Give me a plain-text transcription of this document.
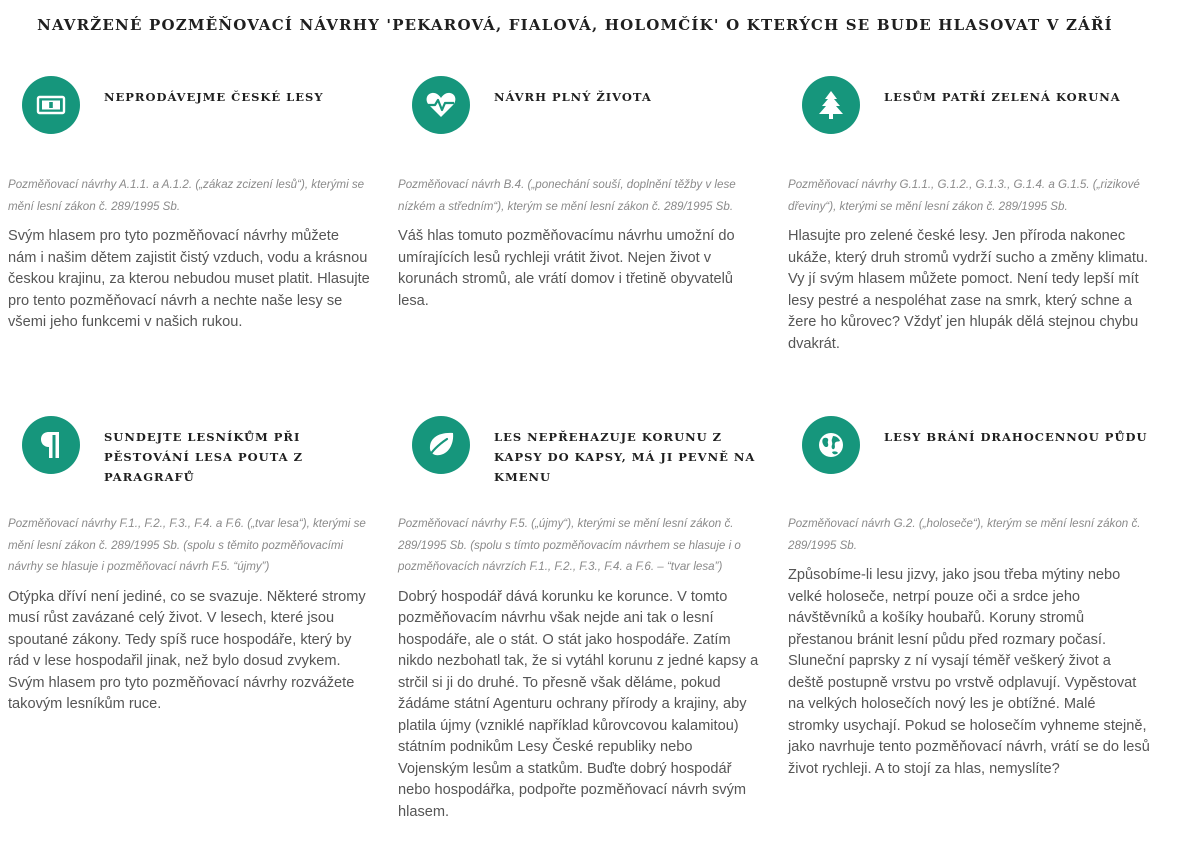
NAVRŽENÉ POZMĚŇOVACÍ NÁVRHY 'PEKAROVÁ, FIALOVÁ, HOLOMČÍK' O KTERÝCH SE BUDE HLASOVAT V ZÁŘÍ
NEPRODÁVEJME ČESKÉ LESY

Pozměňovací návrhy A.1.1. a A.1.2. („zákaz zcizení lesů“), kterými se mění lesní zákon č. 289/1995 Sb.

Svým hlasem pro tyto pozměňovací návrhy můžete nám i našim dětem zajistit čistý vzduch, vodu a krásnou českou krajinu, za kterou nebudou muset platit. Hlasujte pro tento pozměňovací návrh a nechte naše lesy se všemi jeho funkcemi v našich rukou.

NÁVRH PLNÝ ŽIVOTA

Pozměňovací návrh B.4. („ponechání souší, doplnění těžby v lese nízkém a středním“), kterým se mění lesní zákon č. 289/1995 Sb.

Váš hlas tomuto pozměňovacímu návrhu umožní do umírajících lesů rychleji vrátit život. Nejen život v korunách stromů, ale vrátí domov i třetině obyvatelů lesa.

LESŮM PATŘÍ ZELENÁ KORUNA

Pozměňovací návrhy G.1.1., G.1.2., G.1.3., G.1.4. a G.1.5. („rizikové dřeviny“), kterými se mění lesní zákon č. 289/1995 Sb.

Hlasujte pro zelené české lesy. Jen příroda nakonec ukáže, který druh stromů vydrží sucho a změny klimatu. Vy jí svým hlasem můžete pomoct. Není tedy lepší mít lesy pestré a nespoléhat zase na smrk, který schne a žere ho kůrovec? Vždyť jen hlupák dělá stejnou chybu dvakrát.

SUNDEJTE LESNÍKŮM PŘI PĚSTOVÁNÍ LESA POUTA Z PARAGRAFŮ

Pozměňovací návrhy F.1., F.2., F.3., F.4. a F.6. („tvar lesa“), kterými se mění lesní zákon č. 289/1995 Sb. (spolu s těmito pozměňovacími návrhy se hlasuje i pozměňovací návrh F.5. “újmy”)

Otýpka dříví není jediné, co se svazuje. Některé stromy musí růst zavázané celý život. V lesech, které jsou spoutané zákony. Tedy spíš ruce hospodáře, který by rád v lese hospodařil jinak, než bylo dosud zvykem. Svým hlasem pro tyto pozměňovací návrhy rozvážete takovým lesníkům ruce.

LES NEPŘEHAZUJE KORUNU Z KAPSY DO KAPSY, MÁ JI PEVNĚ NA KMENU

Pozměňovací návrhy F.5. („újmy“), kterými se mění lesní zákon č. 289/1995 Sb. (spolu s tímto pozměňovacím návrhem se hlasuje i o pozměňovacích návrzích F.1., F.2., F.3., F.4. a F.6. – “tvar lesa”)

Dobrý hospodář dává korunku ke koruncе. V tomto pozměňovacím návrhu však nejde ani tak o lesní hospodáře, ale o stát. O stát jako hospodáře. Zatím nikdo nezbohatl tak, že si vytáhl korunu z jedné kapsy a strčil si ji do druhé. To přesně však děláme, pokud žádáme státní Agenturu ochrany přírody a krajiny, aby platila újmy (vzniklé například kůrovcovou kalamitou) státním podnikům Lesy České republiky nebo Vojenským lesům a statkům. Buďte dobrý hospodář nebo hospodářka, podpořte pozměňovací návrh svým hlasem.

LESY BRÁNÍ DRAHOCENNOU PŮDU

Pozměňovací návrh G.2. („holoseče“), kterým se mění lesní zákon č. 289/1995 Sb.

Způsobíme-li lesu jizvy, jako jsou třeba mýtiny nebo velké holoseče, netrpí pouze oči a srdce jeho návštěvníků a košíky houbařů. Koruny stromů přestanou bránit lesní půdu před rozmary počasí. Sluneční paprsky z ní vysají téměř veškerý život a deště postupně vrstvu po vrstvě odplavují. Vypěstovat na velkých holosečích nový les je obtížné. Malé stromky usychají. Pokud se holosečím vyhneme stejně, jako navrhuje tento pozměňovací návrh, vrátí se do lesů život rychleji. A to stojí za hlas, nemyslíte?
